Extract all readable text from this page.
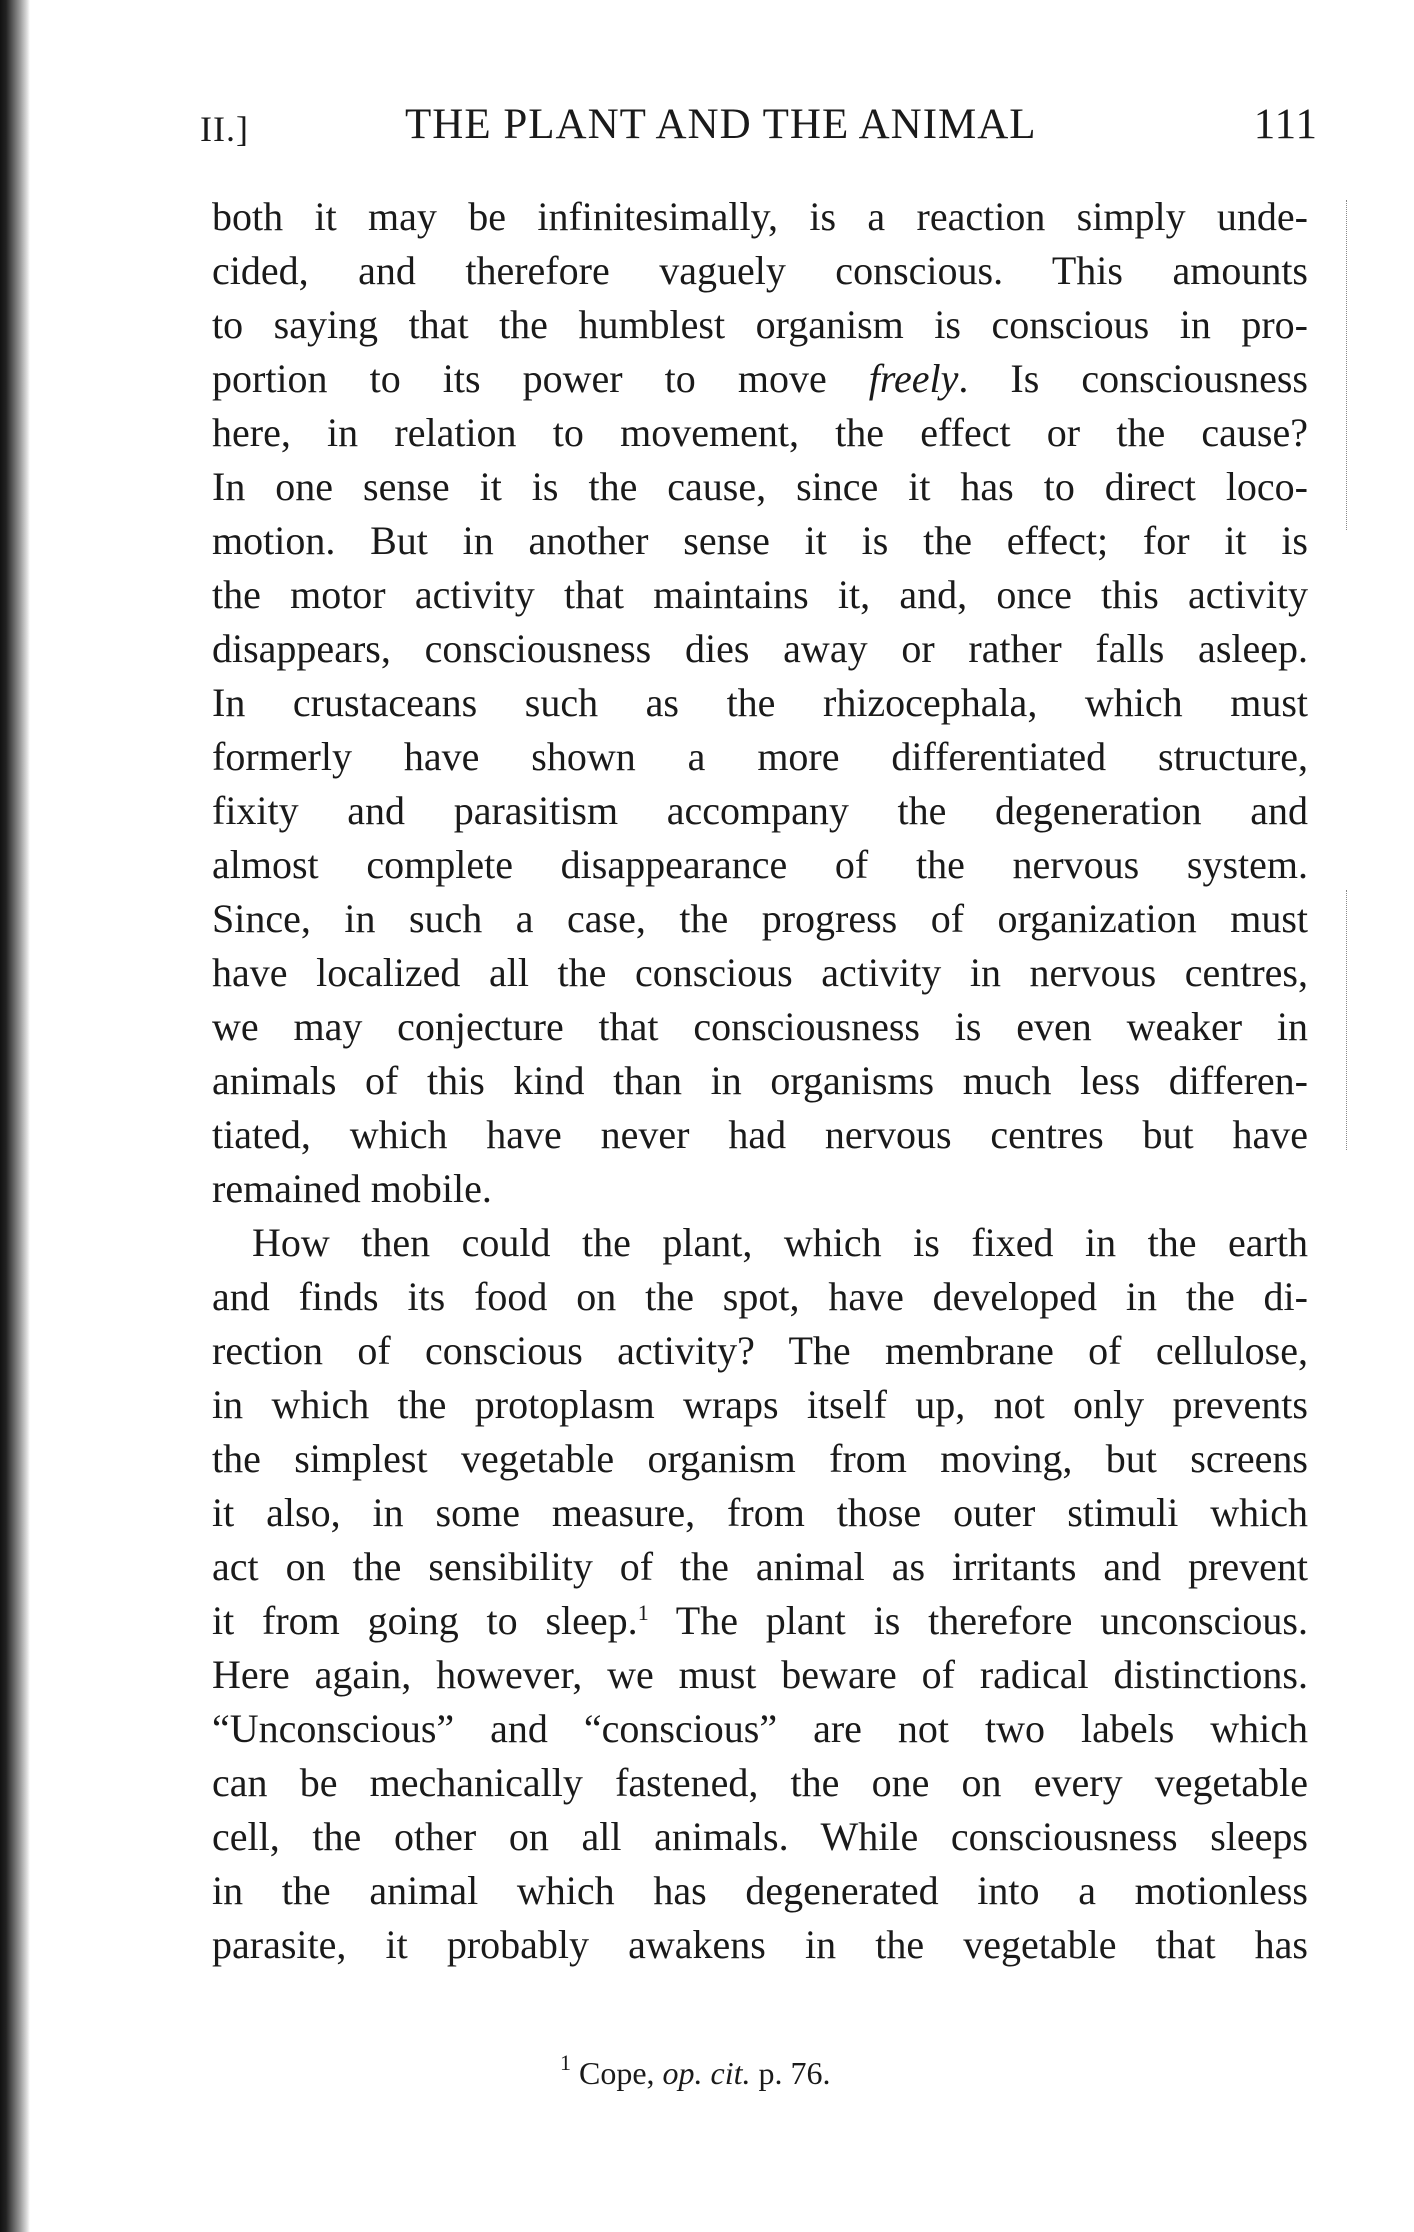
II.]	THE PLANT AND THE ANIMAL	111
both it may be infinitesimally, is a reaction simply unde-
cided, and therefore vaguely conscious. This amounts
to saying that the humblest organism is conscious in pro-
portion to its power to move freely. Is consciousness
here, in relation to movement, the effect or the cause?
In one sense it is the cause, since it has to direct loco-
motion. But in another sense it is the effect; for it is
the motor activity that maintains it, and, once this activity
disappears, consciousness dies away or rather falls asleep.
In crustaceans such as the rhizocephala, which must
formerly have shown a more differentiated structure,
fixity and parasitism accompany the degeneration and
almost complete disappearance of the nervous system.
Since, in such a case, the progress of organization must
have localized all the conscious activity in nervous centres,
we may conjecture that consciousness is even weaker in
animals of this kind than in organisms much less differen-
tiated, which have never had nervous centres but have
remained mobile.
How then could the plant, which is fixed in the earth
and finds its food on the spot, have developed in the di-
rection of conscious activity? The membrane of cellulose,
in which the protoplasm wraps itself up, not only prevents
the simplest vegetable organism from moving, but screens
it also, in some measure, from those outer stimuli which
act on the sensibility of the animal as irritants and prevent
it from going to sleep.$^1$ The plant is therefore unconscious.
Here again, however, we must beware of radical distinctions.
“Unconscious” and “conscious” are not two labels which
can be mechanically fastened, the one on every vegetable
cell, the other on all animals. While consciousness sleeps
in the animal which has degenerated into a motionless
parasite, it probably awakens in the vegetable that has
$^1$ Cope, op. cit. p. 76.
